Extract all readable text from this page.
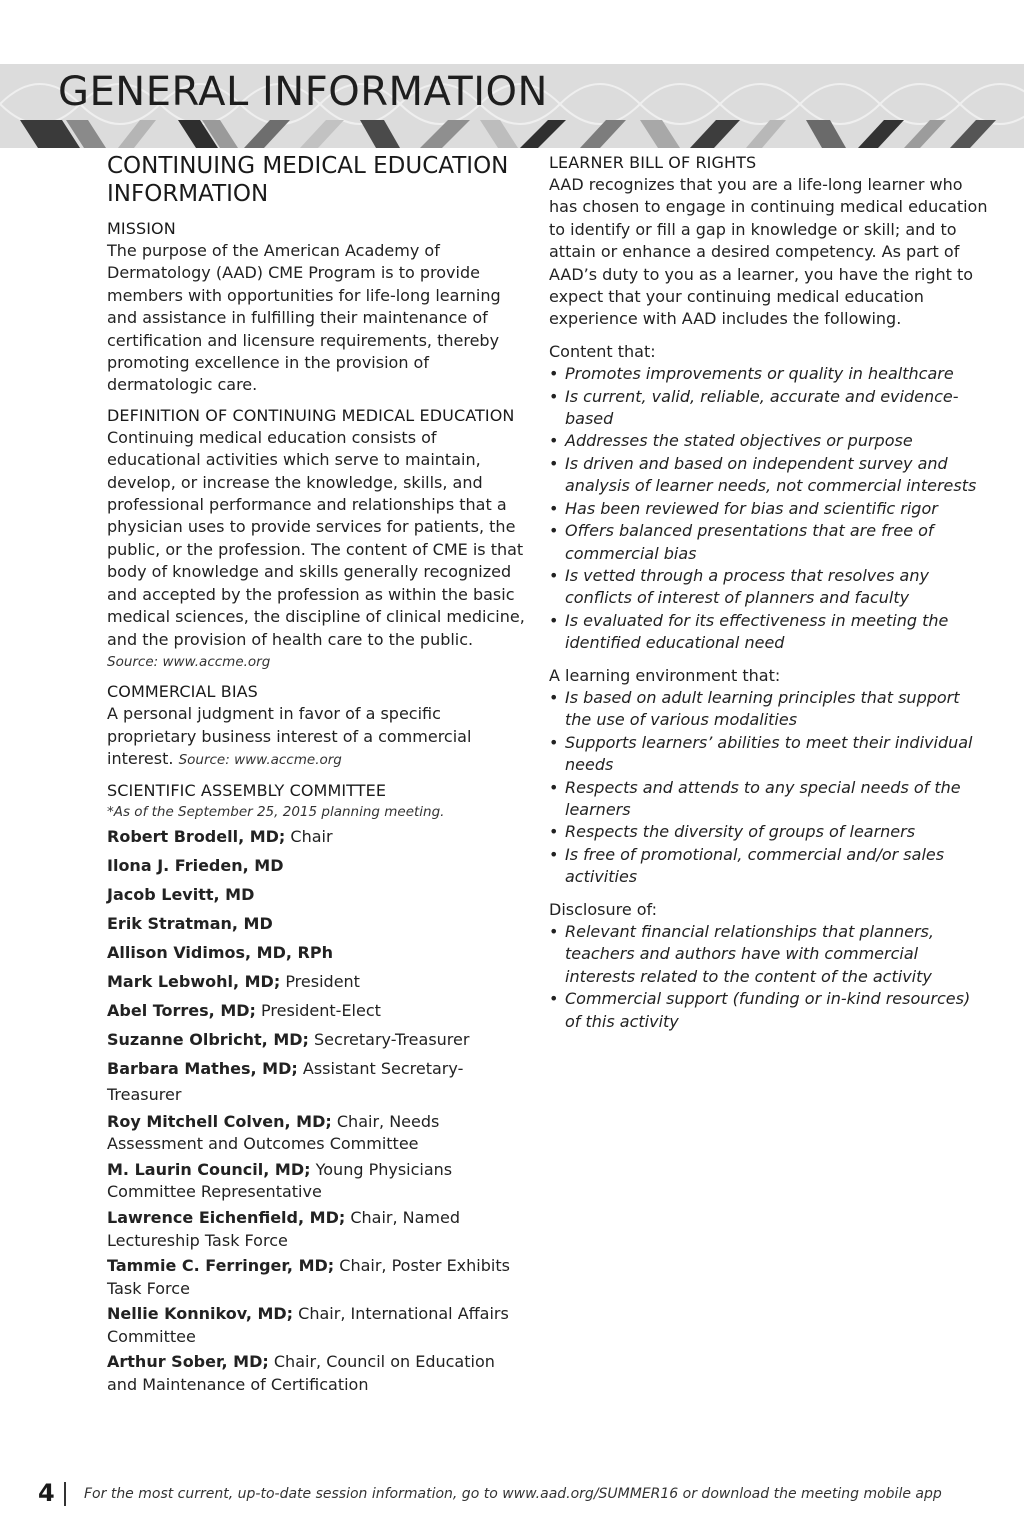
GENERAL INFORMATION
CONTINUING MEDICAL EDUCATION INFORMATION
MISSION

The purpose of the American Academy of Dermatology (AAD) CME Program is to provide members with opportunities for life-long learning and assistance in fulfilling their maintenance of certification and licensure requirements, thereby promoting excellence in the provision of dermatologic care.

DEFINITION OF CONTINUING MEDICAL EDUCATION

Continuing medical education consists of educational activities which serve to maintain, develop, or increase the knowledge, skills, and professional performance and relationships that a physician uses to provide services for patients, the public, or the profession. The content of CME is that body of knowledge and skills generally recognized and accepted by the profession as within the basic medical sciences, the discipline of clinical medicine, and the provision of health care to the public.

Source: www.accme.org

COMMERCIAL BIAS

A personal judgment in favor of a specific proprietary business interest of a commercial interest. Source: www.accme.org

SCIENTIFIC ASSEMBLY COMMITTEE

*As of the September 25, 2015 planning meeting.

Robert Brodell, MD; Chair

Ilona J. Frieden, MD

Jacob Levitt, MD

Erik Stratman, MD

Allison Vidimos, MD, RPh

Mark Lebwohl, MD; President

Abel Torres, MD; President-Elect

Suzanne Olbricht, MD; Secretary-Treasurer

Barbara Mathes, MD; Assistant Secretary-Treasurer

Roy Mitchell Colven, MD; Chair, Needs Assessment and Outcomes Committee

M. Laurin Council, MD; Young Physicians Committee Representative

Lawrence Eichenfield, MD; Chair, Named Lectureship Task Force

Tammie C. Ferringer, MD; Chair, Poster Exhibits Task Force

Nellie Konnikov, MD; Chair, International Affairs Committee

Arthur Sober, MD; Chair, Council on Education and Maintenance of Certification

LEARNER BILL OF RIGHTS

AAD recognizes that you are a life-long learner who has chosen to engage in continuing medical education to identify or fill a gap in knowledge or skill; and to attain or enhance a desired competency. As part of AAD’s duty to you as a learner, you have the right to expect that your continuing medical education experience with AAD includes the following.

Content that:

• Promotes improvements or quality in healthcare
• Is current, valid, reliable, accurate and evidence-based
• Addresses the stated objectives or purpose
• Is driven and based on independent survey and analysis of learner needs, not commercial interests
• Has been reviewed for bias and scientific rigor
• Offers balanced presentations that are free of commercial bias
• Is vetted through a process that resolves any conflicts of interest of planners and faculty
• Is evaluated for its effectiveness in meeting the identified educational need

A learning environment that:

• Is based on adult learning principles that support the use of various modalities
• Supports learners’ abilities to meet their individual needs
• Respects and attends to any special needs of the learners
• Respects the diversity of groups of learners
• Is free of promotional, commercial and/or sales activities

Disclosure of:

• Relevant financial relationships that planners, teachers and authors have with commercial interests related to the content of the activity
• Commercial support (funding or in-kind resources) of this activity
4 For the most current, up-to-date session information, go to www.aad.org/SUMMER16 or download the meeting mobile app
